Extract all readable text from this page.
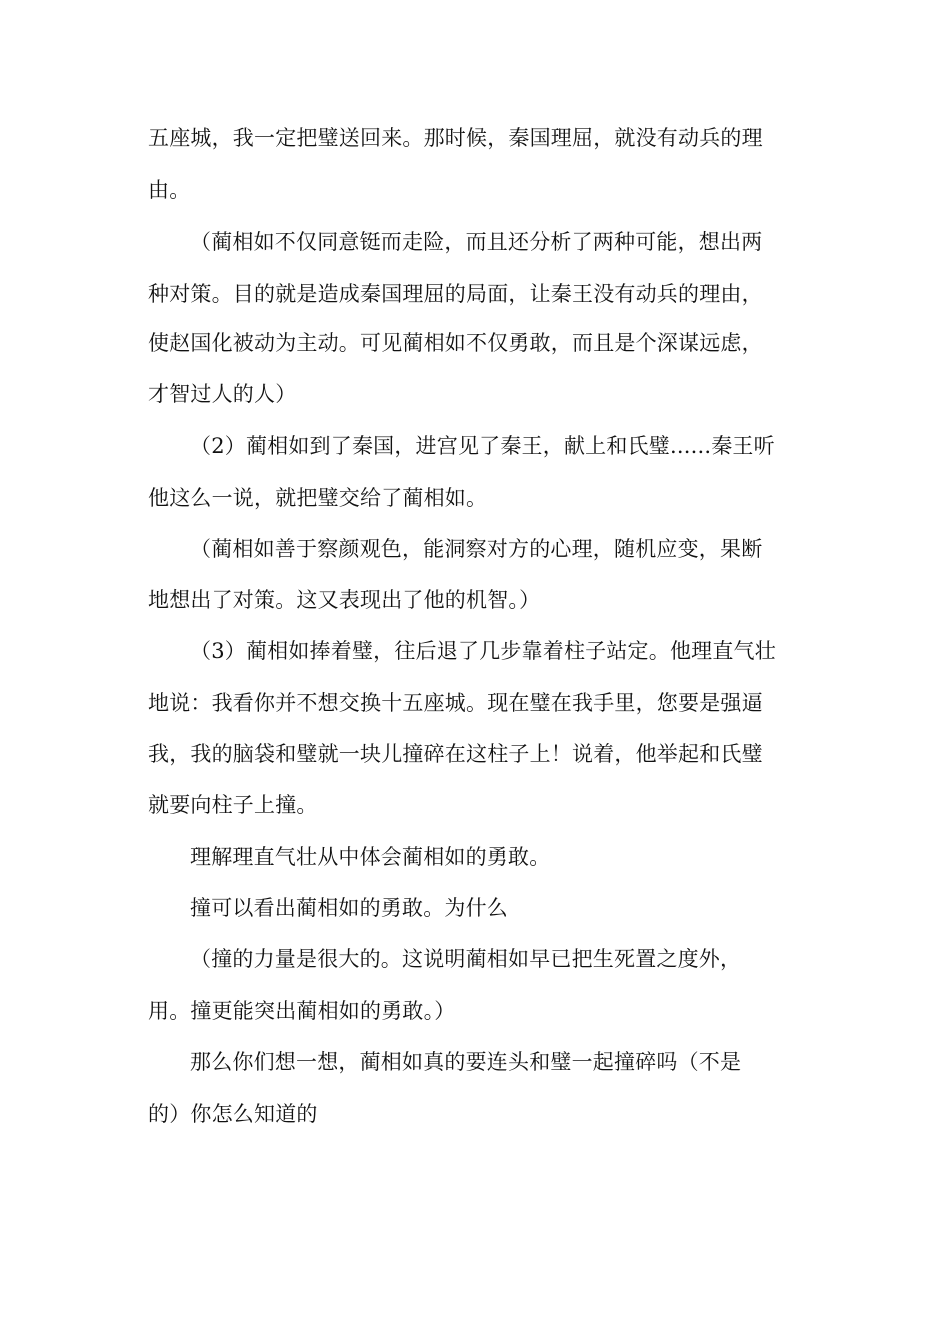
五座城，我一定把璧送回来。那时候，秦国理屈，就没有动兵的理
由。
（蔺相如不仅同意铤而走险，而且还分析了两种可能，想出两
种对策。目的就是造成秦国理屈的局面，让秦王没有动兵的理由，
使赵国化被动为主动。可见蔺相如不仅勇敢，而且是个深谋远虑，
才智过人的人）
（2）蔺相如到了秦国，进宫见了秦王，献上和氏璧......秦王听
他这么一说，就把璧交给了蔺相如。
（蔺相如善于察颜观色，能洞察对方的心理，随机应变，果断
地想出了对策。这又表现出了他的机智。）
（3）蔺相如捧着璧，往后退了几步靠着柱子站定。他理直气壮
地说：我看你并不想交换十五座城。现在璧在我手里，您要是强逼
我，我的脑袋和璧就一块儿撞碎在这柱子上！说着，他举起和氏璧
就要向柱子上撞。
理解理直气壮从中体会蔺相如的勇敢。
撞可以看出蔺相如的勇敢。为什么
（撞的力量是很大的。这说明蔺相如早已把生死置之度外，
用。撞更能突出蔺相如的勇敢。）
那么你们想一想，蔺相如真的要连头和璧一起撞碎吗（不是
的）你怎么知道的
